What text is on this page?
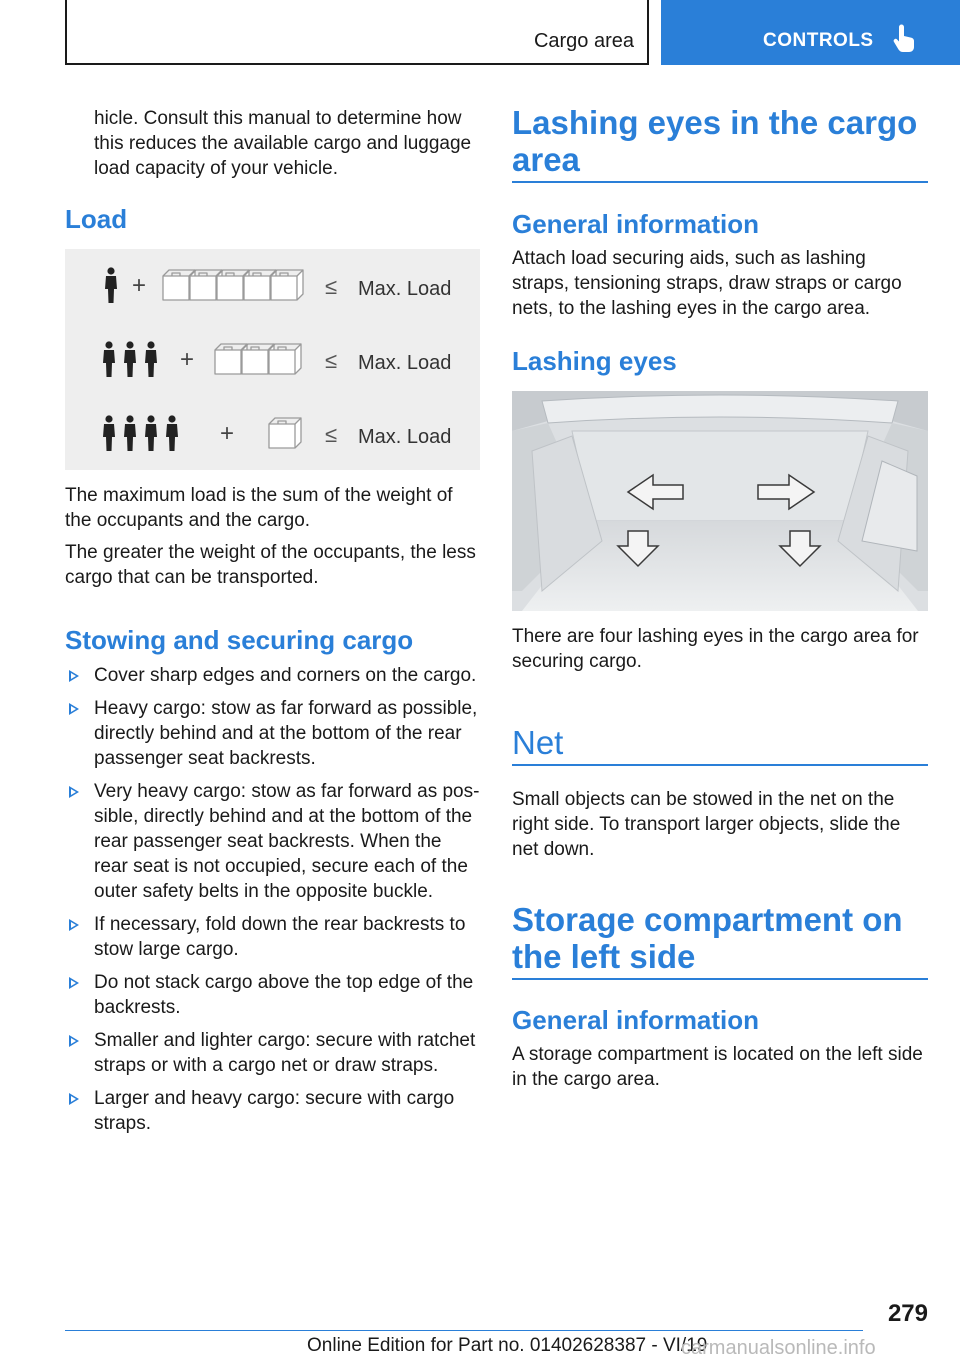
Cargo area	CONTROLS

hicle. Consult this manual to determine how this reduces the available cargo and luggage load capacity of your vehicle.

Load
+	≤ Max. Load
+	≤ Max. Load
+	≤ Max. Load

The maximum load is the sum of the weight of the occupants and the cargo.

The greater the weight of the occupants, the less cargo that can be transported.

Stowing and securing cargo
Cover sharp edges and corners on the cargo.
Heavy cargo: stow as far forward as possible, directly behind and at the bottom of the rear passenger seat backrests.
Very heavy cargo: stow as far forward as pos-sible, directly behind and at the bottom of the rear passenger seat backrests. When the rear seat is not occupied, secure each of the outer safety belts in the opposite buckle.
If necessary, fold down the rear backrests to stow large cargo.
Do not stack cargo above the top edge of the backrests.
Smaller and lighter cargo: secure with ratchet straps or with a cargo net or draw straps.
Larger and heavy cargo: secure with cargo straps.
Lashing eyes in the cargo area
General information

Attach load securing aids, such as lashing straps, tensioning straps, draw straps or cargo nets, to the lashing eyes in the cargo area.

Lashing eyes

There are four lashing eyes in the cargo area for securing cargo.

Net

Small objects can be stowed in the net on the right side. To transport larger objects, slide the net down.

Storage compartment on the left side
General information

A storage compartment is located on the left side in the cargo area.

279
Online Edition for Part no. 01402628387 - VI/19
carmanualsonline.info
